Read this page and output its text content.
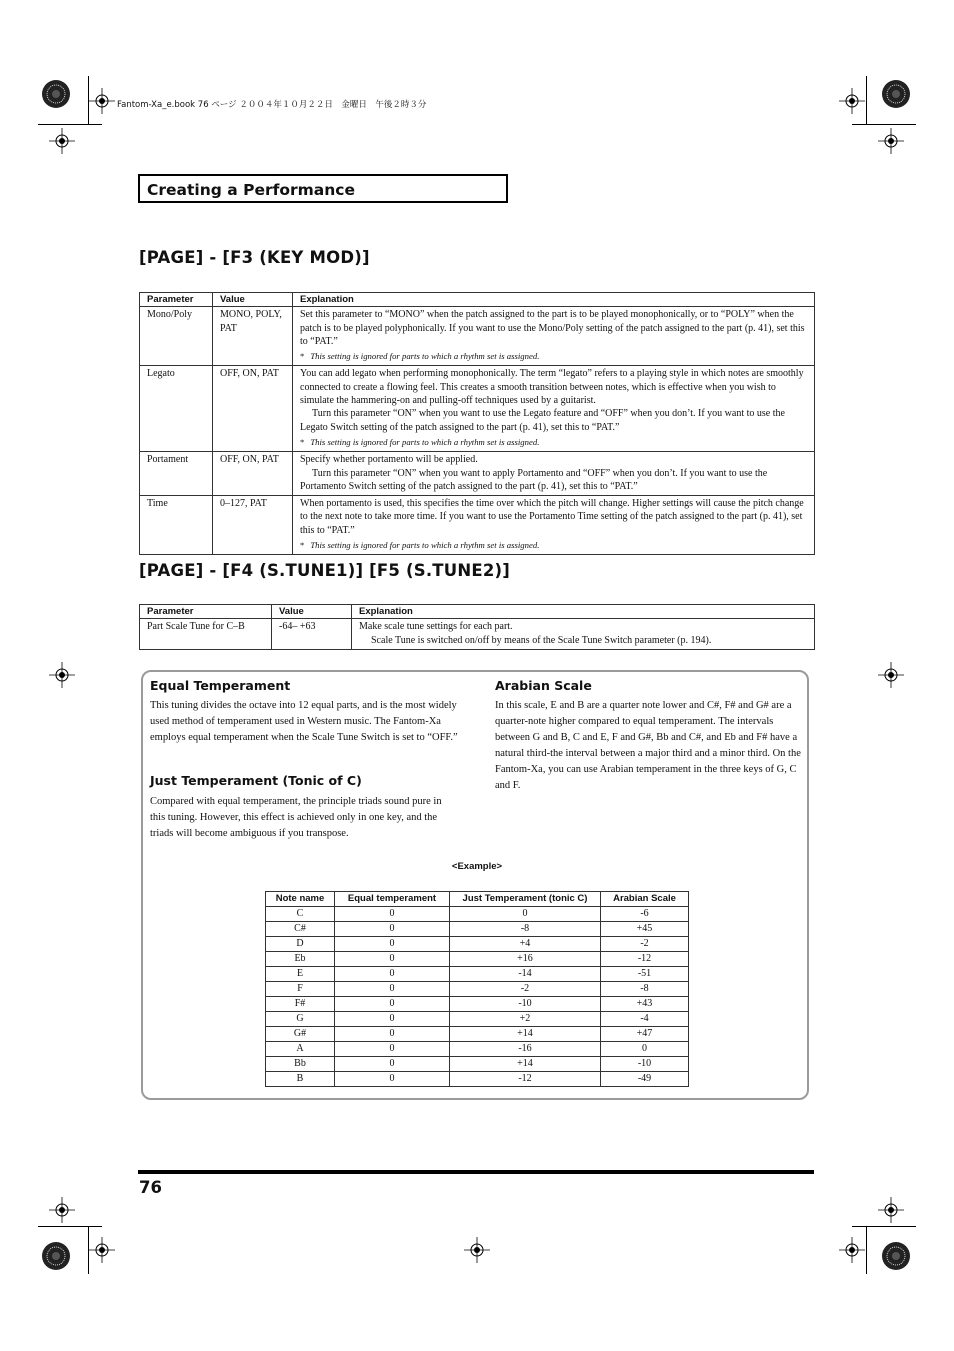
Fantom-Xa_e.book 76 ページ ２００４年１０月２２日　金曜日　午後２時３分
Creating a Performance
[PAGE] - [F3 (KEY MOD)]
Parameter	Value	Explanation
Mono/Poly	MONO, POLY, PAT	Set this parameter to “MONO” when the patch assigned to the part is to be played monophonically, or to “POLY” when the patch is to be played polyphonically. If you want to use the Mono/Poly setting of the patch assigned to the part (p. 41), set this to “PAT.”
* This setting is ignored for parts to which a rhythm set is assigned.

Legato	OFF, ON, PAT	You can add legato when performing monophonically. The term “legato” refers to a playing style in which notes are smoothly connected to create a flowing feel. This creates a smooth transition between notes, which is effective when you wish to simulate the hammering-on and pulling-off techniques used by a guitarist.
Turn this parameter “ON” when you want to use the Legato feature and “OFF” when you don’t. If you want to use the Legato Switch setting of the patch assigned to the part (p. 41), set this to “PAT.”
* This setting is ignored for parts to which a rhythm set is assigned.

Portament	OFF, ON, PAT	Specify whether portamento will be applied.
Turn this parameter “ON” when you want to apply Portamento and “OFF” when you don’t. If you want to use the Portamento Switch setting of the patch assigned to the part (p. 41), set this to “PAT.”

Time	0–127, PAT	When portamento is used, this specifies the time over which the pitch will change. Higher settings will cause the pitch change to the next note to take more time. If you want to use the Portamento Time setting of the patch assigned to the part (p. 41), set this to “PAT.”
* This setting is ignored for parts to which a rhythm set is assigned.
[PAGE] - [F4 (S.TUNE1)] [F5 (S.TUNE2)]
Parameter	Value	Explanation
Part Scale Tune for C–B	-64– +63	Make scale tune settings for each part.
Scale Tune is switched on/off by means of the Scale Tune Switch parameter (p. 194).
Equal Temperament
This tuning divides the octave into 12 equal parts, and is the most widely used method of temperament used in Western music. The Fantom-Xa employs equal temperament when the Scale Tune Switch is set to “OFF.”
Just Temperament (Tonic of C)
Compared with equal temperament, the principle triads sound pure in this tuning. However, this effect is achieved only in one key, and the triads will become ambiguous if you transpose.
Arabian Scale
In this scale, E and B are a quarter note lower and C#, F# and G# are a quarter-note higher compared to equal temperament. The intervals between G and B, C and E, F and G#, Bb and C#, and Eb and F# have a natural third-the interval between a major third and a minor third. On the Fantom-Xa, you can use Arabian temperament in the three keys of G, C and F.
<Example>
Note name	Equal temperament	Just Temperament (tonic C)	Arabian Scale
C	0	0	-6
C#	0	-8	+45
D	0	+4	-2
Eb	0	+16	-12
E	0	-14	-51
F	0	-2	-8
F#	0	-10	+43
G	0	+2	-4
G#	0	+14	+47
A	0	-16	0
Bb	0	+14	-10
B	0	-12	-49
76
